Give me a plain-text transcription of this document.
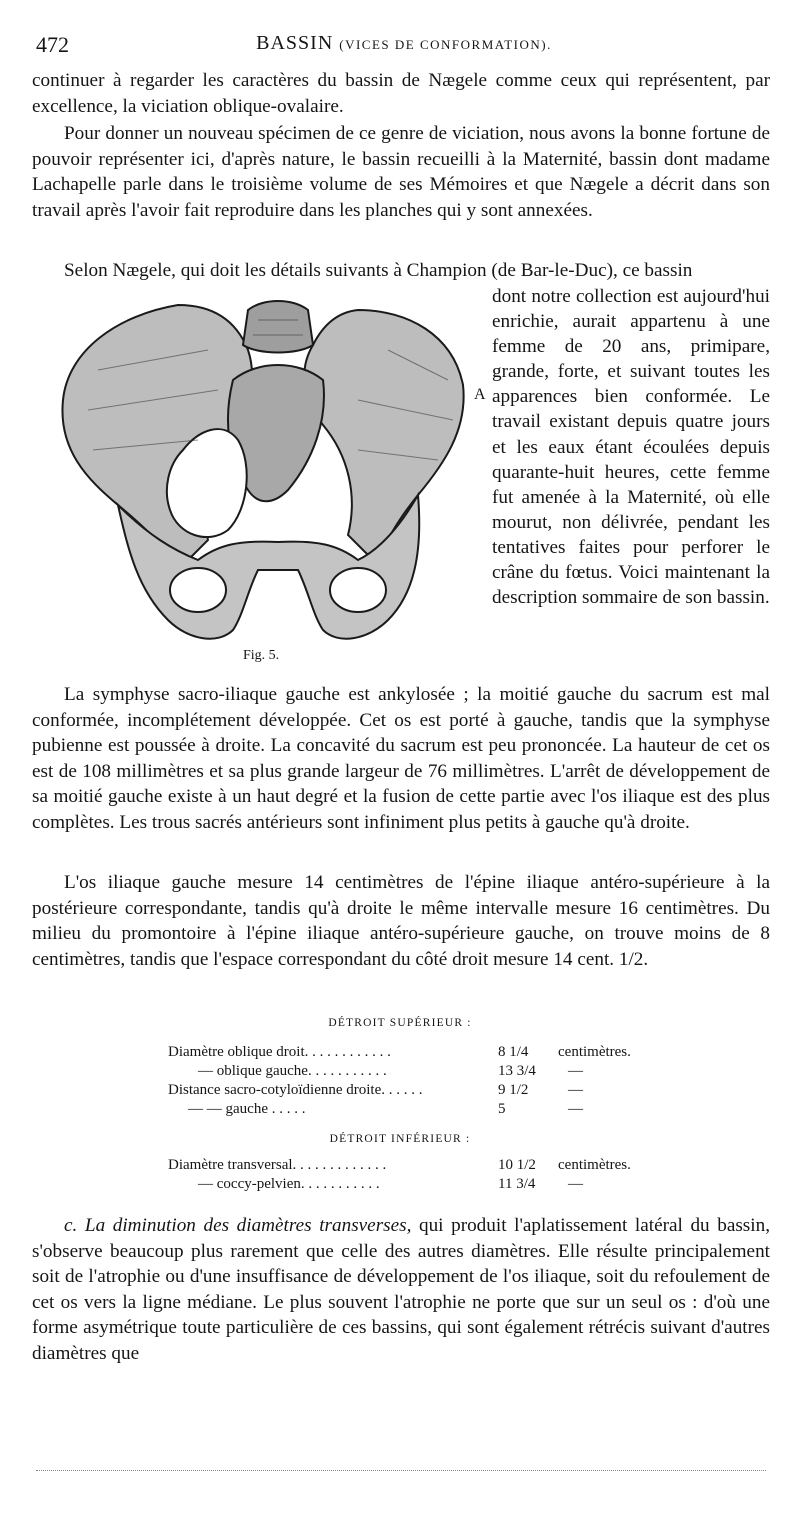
472	BASSIN (VICES DE CONFORMATION).

continuer à regarder les caractères du bassin de Nægele comme ceux qui représentent, par excellence, la viciation oblique-ovalaire.

Pour donner un nouveau spécimen de ce genre de viciation, nous avons la bonne fortune de pouvoir représenter ici, d'après nature, le bassin recueilli à la Maternité, bassin dont madame Lachapelle parle dans le troisième volume de ses Mémoires et que Nægele a décrit dans son travail après l'avoir fait reproduire dans les planches qui y sont annexées.

Selon Nægele, qui doit les détails suivants à Champion (de Bar-le-Duc), ce bassin
Fig. 5.
A
dont notre collection est aujourd'hui enrichie, aurait appartenu à une femme de 20 ans, primipare, grande, forte, et suivant toutes les apparences bien conformée. Le travail existant depuis quatre jours et les eaux étant écoulées depuis quarante-huit heures, cette femme fut amenée à la Maternité, où elle mourut, non délivrée, pendant les tentatives faites pour perforer le crâne du fœtus. Voici maintenant la description sommaire de son bassin.

La symphyse sacro-iliaque gauche est ankylosée ; la moitié gauche du sacrum est mal conformée, incomplétement développée. Cet os est porté à gauche, tandis que la symphyse pubienne est poussée à droite. La concavité du sacrum est peu prononcée. La hauteur de cet os est de 108 millimètres et sa plus grande largeur de 76 millimètres. L'arrêt de développement de sa moitié gauche existe à un haut degré et la fusion de cette partie avec l'os iliaque est des plus complètes. Les trous sacrés antérieurs sont infiniment plus petits à gauche qu'à droite.

L'os iliaque gauche mesure 14 centimètres de l'épine iliaque antéro-supérieure à la postérieure correspondante, tandis qu'à droite le même intervalle mesure 16 centimètres. Du milieu du promontoire à l'épine iliaque antéro-supérieure gauche, on trouve moins de 8 centimètres, tandis que l'espace correspondant du côté droit mesure 14 cent. 1/2.

DÉTROIT SUPÉRIEUR :
Diamètre oblique droit. . . . . . . . . . . .	8 1/4 centimètres.
— oblique gauche. . . . . . . . . . .	13 3/4 —
Distance sacro-cotyloïdienne droite. . . . . .	9 1/2	—
— — gauche . . . . .	5	—
DÉTROIT INFÉRIEUR :
Diamètre transversal. . . . . . . . . . . . .	10 1/2 centimètres.
— coccy-pelvien. . . . . . . . . . .	11 3/4 —

c. La diminution des diamètres transverses, qui produit l'aplatissement latéral du bassin, s'observe beaucoup plus rarement que celle des autres diamètres. Elle résulte principalement soit de l'atrophie ou d'une insuffisance de développement de l'os iliaque, soit du refoulement de cet os vers la ligne médiane. Le plus souvent l'atrophie ne porte que sur un seul os : d'où une forme asymétrique toute particulière de ces bassins, qui sont également rétrécis suivant d'autres diamètres que
